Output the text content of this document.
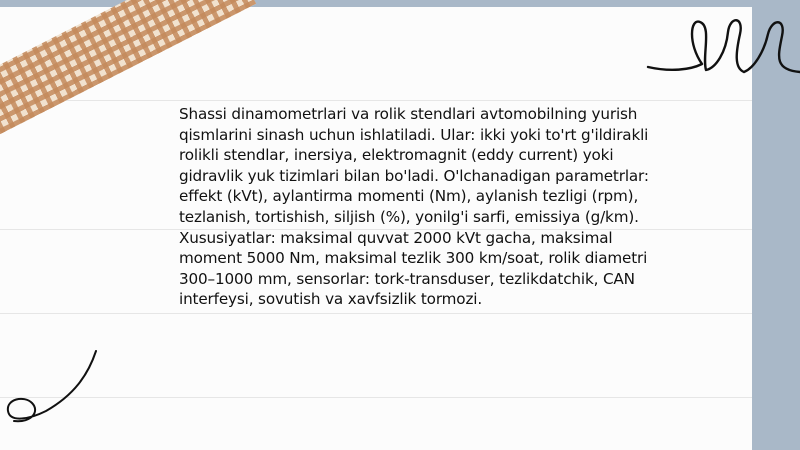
Shassi dinamometrlari va rolik stendlari avtomobilning yurish qismlarini sinash uchun ishlatiladi. Ular: ikki yoki to'rt g'ildirakli rolikli stendlar, inersiya, elektromagnit (eddy current) yoki gidravlik yuk tizimlari bilan bo'ladi. O'lchanadigan parametrlar: effekt (kVt), aylantirma momenti (Nm), aylanish tezligi (rpm), tezlanish, tortishish, siljish (%), yonilg'i sarfi, emissiya (g/km). Xususiyatlar: maksimal quvvat 2000 kVt gacha, maksimal moment 5000 Nm, maksimal tezlik 300 km/soat, rolik diametri 300–1000 mm, sensorlar: tork-transduser, tezlikdatchik, CAN interfeysi, sovutish va xavfsizlik tormozi.
